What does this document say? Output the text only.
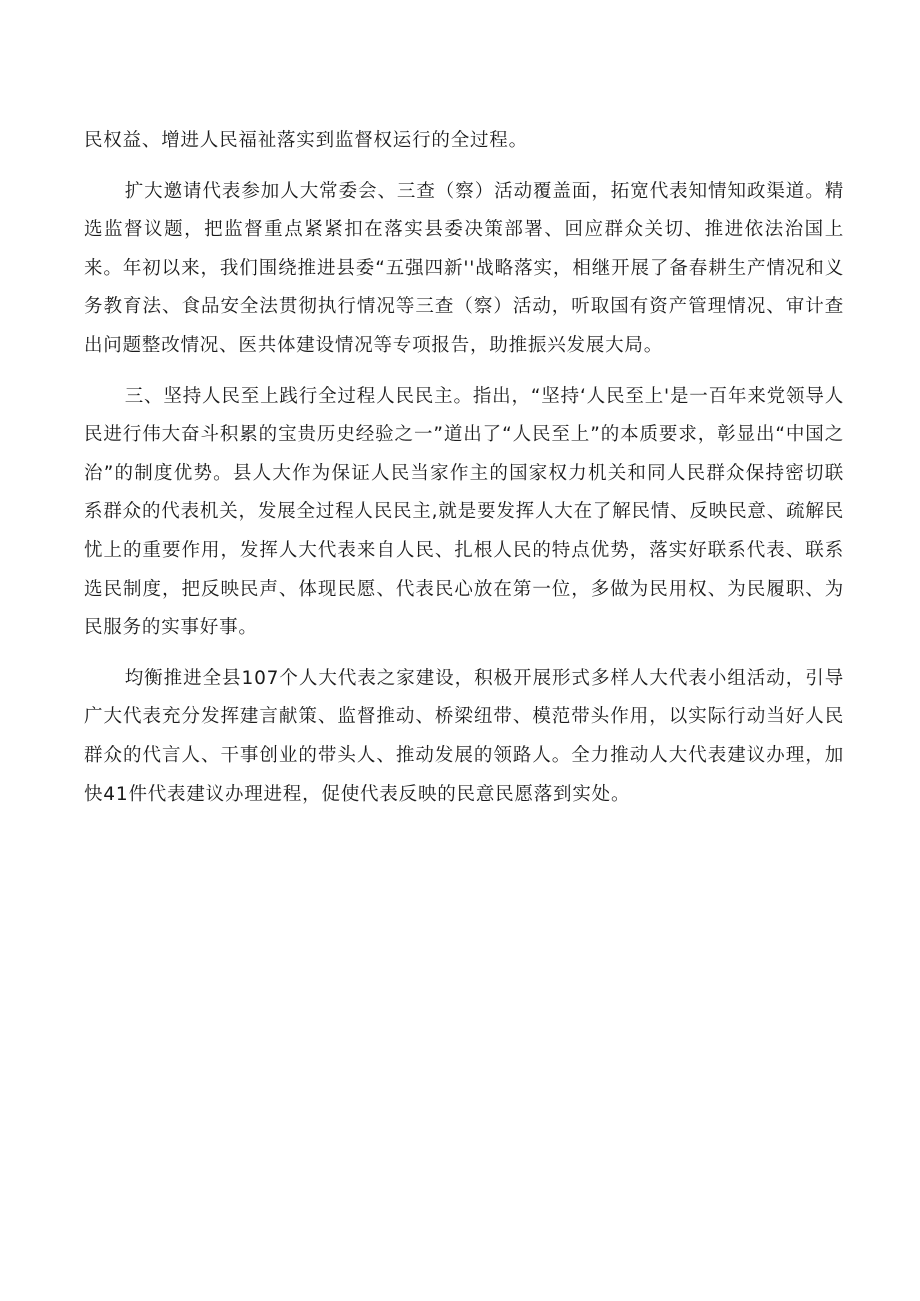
民权益、增进人民福祉落实到监督权运行的全过程。

扩大邀请代表参加人大常委会、三查（察）活动覆盖面，拓宽代表知情知政渠道。精选监督议题，把监督重点紧紧扣在落实县委决策部署、回应群众关切、推进依法治国上来。年初以来，我们围绕推进县委“五强四新''战略落实，相继开展了备春耕生产情况和义务教育法、食品安全法贯彻执行情况等三查（察）活动，听取国有资产管理情况、审计查出问题整改情况、医共体建设情况等专项报告，助推振兴发展大局。

三、坚持人民至上践行全过程人民民主。指出，“坚持‘人民至上'是一百年来党领导人民进行伟大奋斗积累的宝贵历史经验之一”道出了“人民至上”的本质要求，彰显出“中国之治”的制度优势。县人大作为保证人民当家作主的国家权力机关和同人民群众保持密切联系群众的代表机关，发展全过程人民民主,就是要发挥人大在了解民情、反映民意、疏解民忧上的重要作用，发挥人大代表来自人民、扎根人民的特点优势，落实好联系代表、联系选民制度，把反映民声、体现民愿、代表民心放在第一位，多做为民用权、为民履职、为民服务的实事好事。

均衡推进全县107个人大代表之家建设，积极开展形式多样人大代表小组活动，引导广大代表充分发挥建言献策、监督推动、桥梁纽带、模范带头作用，以实际行动当好人民群众的代言人、干事创业的带头人、推动发展的领路人。全力推动人大代表建议办理，加快41件代表建议办理进程，促使代表反映的民意民愿落到实处。
